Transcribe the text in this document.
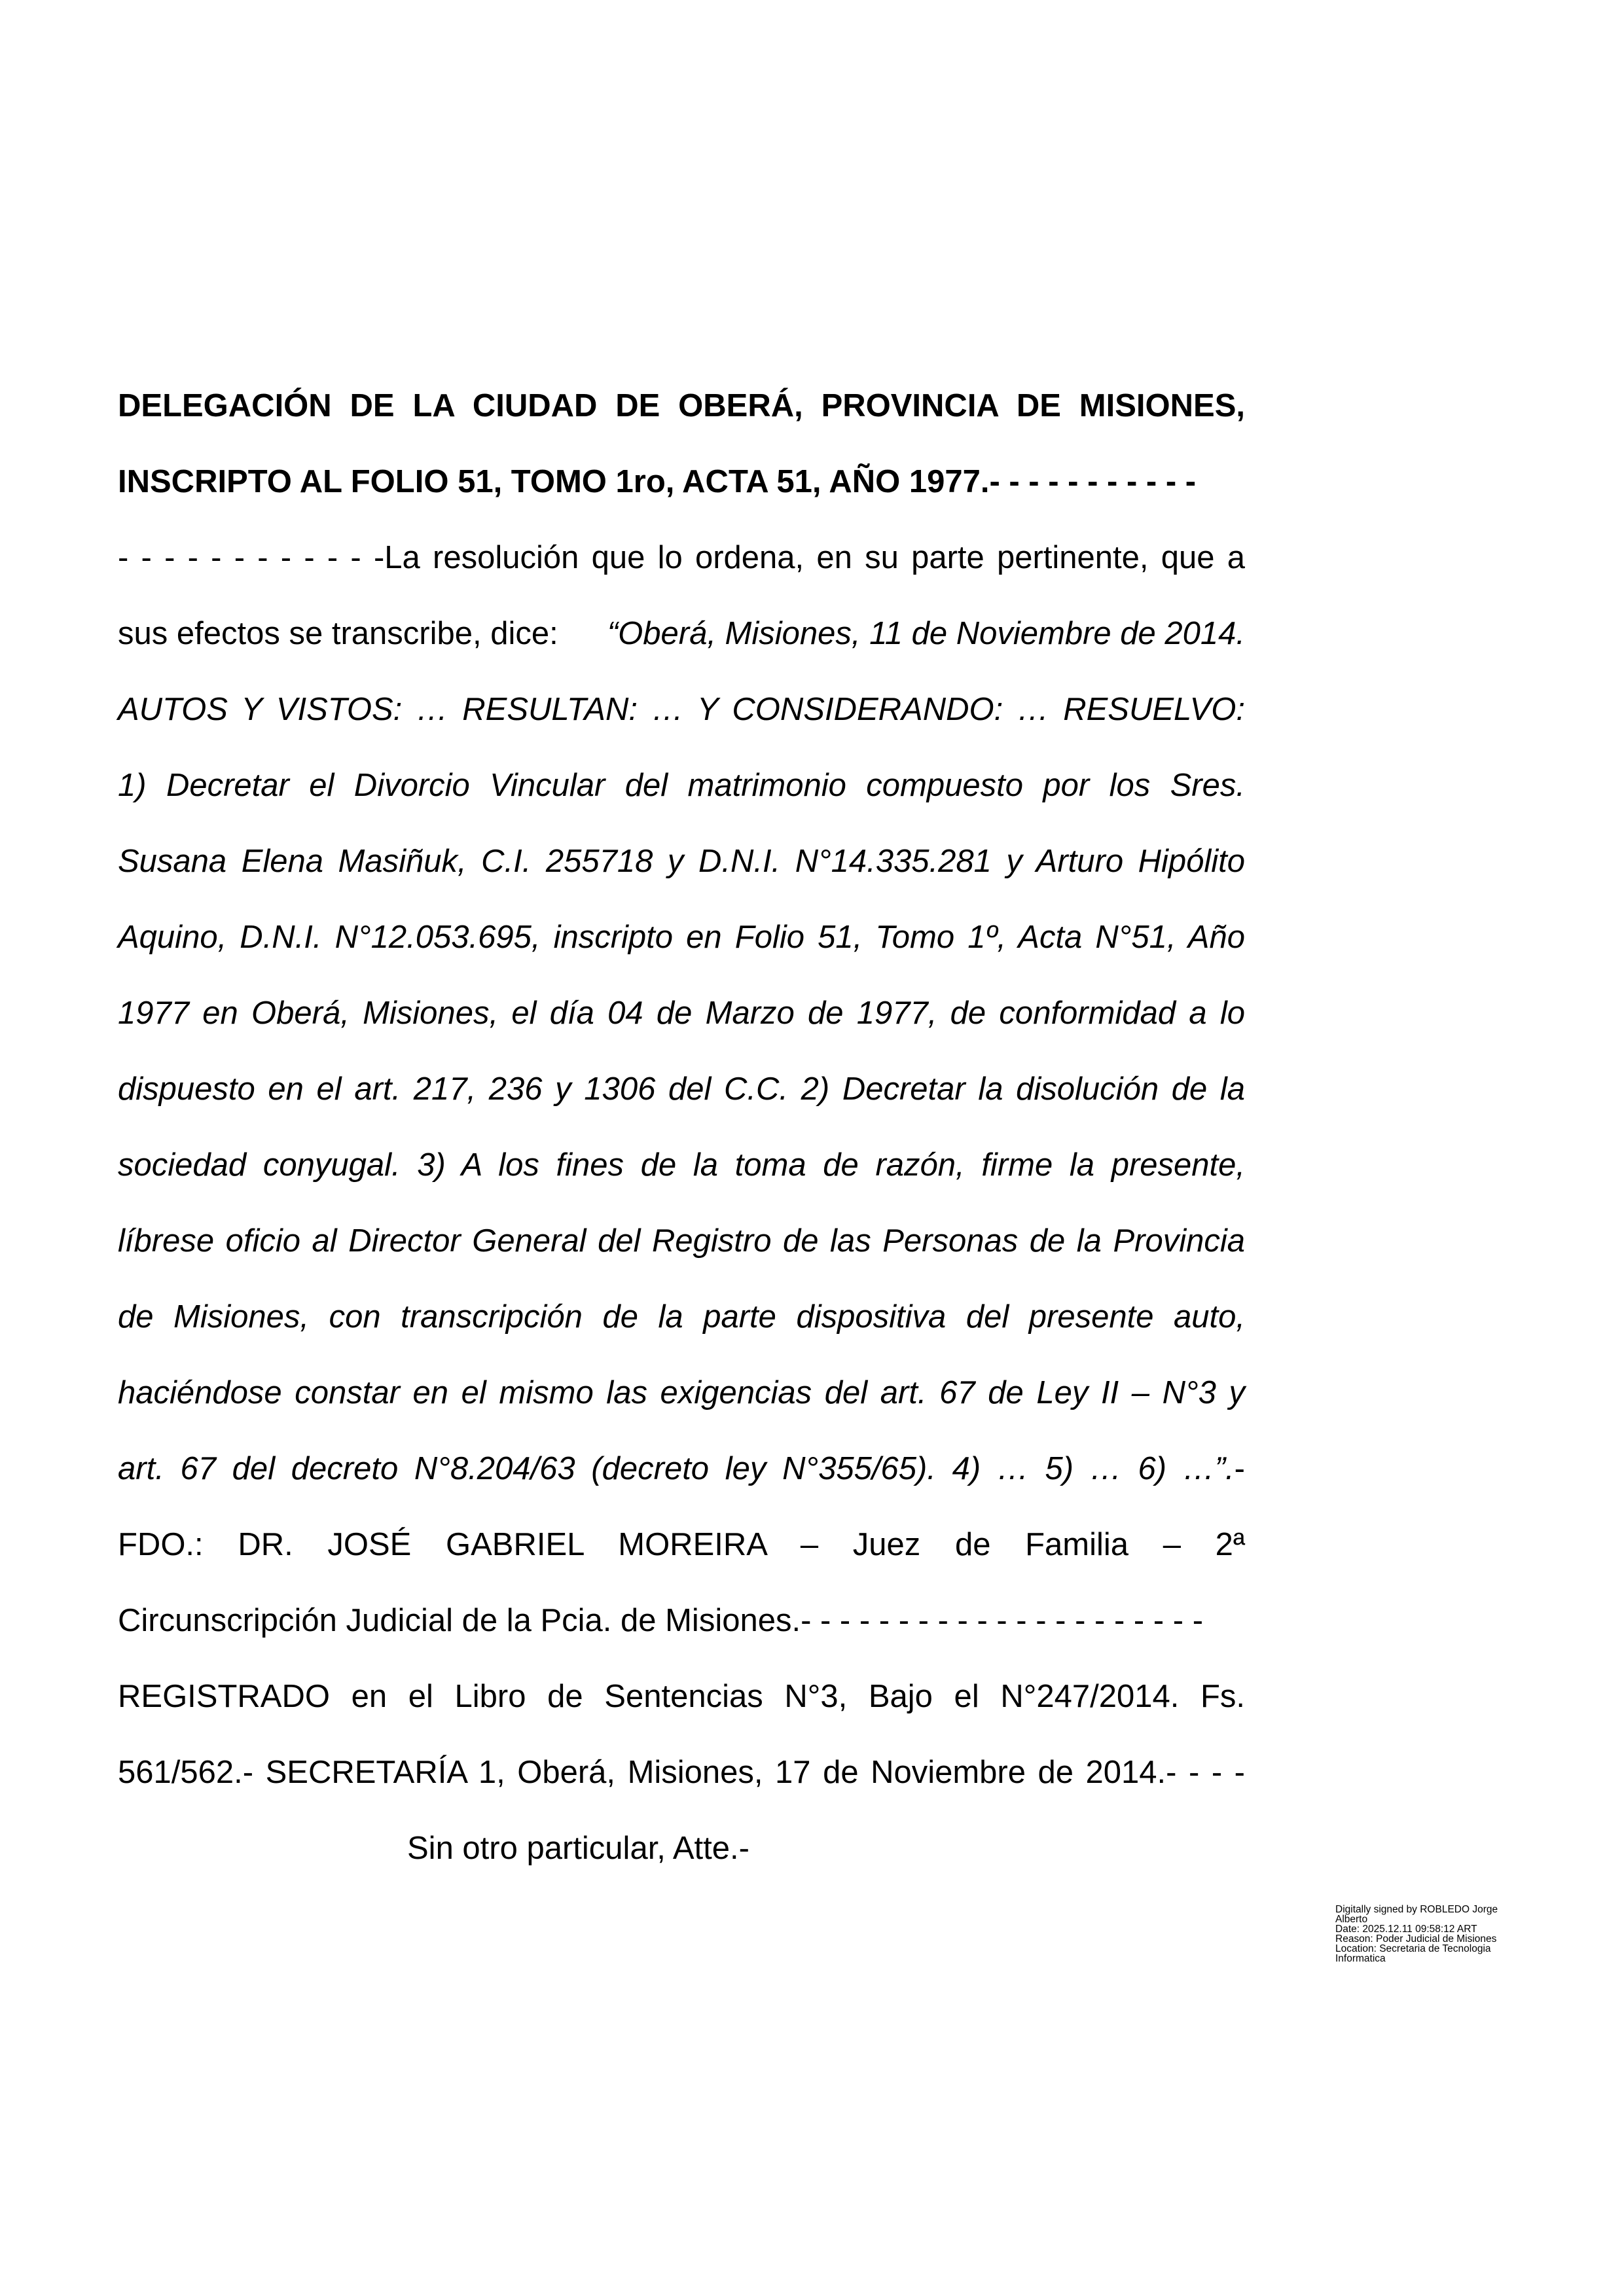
DELEGACIÓN DE LA CIUDAD DE OBERÁ, PROVINCIA DE MISIONES,
INSCRIPTO AL FOLIO 51, TOMO 1ro, ACTA 51, AÑO 1977.- - - - - - - - - - -
- - - - - - - - - - - -La resolución que lo ordena, en su parte pertinente, que a
sus efectos se transcribe, dice: “Oberá, Misiones, 11 de Noviembre de 2014.
AUTOS Y VISTOS: … RESULTAN: … Y CONSIDERANDO: … RESUELVO:
1) Decretar el Divorcio Vincular del matrimonio compuesto por los Sres.
Susana Elena Masiñuk, C.I. 255718 y D.N.I. N°14.335.281 y Arturo Hipólito
Aquino, D.N.I. N°12.053.695, inscripto en Folio 51, Tomo 1º, Acta N°51, Año
1977 en Oberá, Misiones, el día 04 de Marzo de 1977, de conformidad a lo
dispuesto en el art. 217, 236 y 1306 del C.C. 2) Decretar la disolución de la
sociedad conyugal. 3) A los fines de la toma de razón, firme la presente,
líbrese oficio al Director General del Registro de las Personas de la Provincia
de Misiones, con transcripción de la parte dispositiva del presente auto,
haciéndose constar en el mismo las exigencias del art. 67 de Ley II – N°3 y
art. 67 del decreto N°8.204/63 (decreto ley N°355/65). 4) … 5) … 6) …”. -
FDO.: DR. JOSÉ GABRIEL MOREIRA – Juez de Familia – 2ª
Circunscripción Judicial de la Pcia. de Misiones.- - - - - - - - - - - - - - - - - - - - -
REGISTRADO en el Libro de Sentencias N°3, Bajo el N°247/2014. Fs.
561/562.- SECRETARÍA 1, Oberá, Misiones, 17 de Noviembre de 2014.- - - -
Sin otro particular, Atte.-
Digitally signed by ROBLEDO Jorge
Alberto
Date: 2025.12.11 09:58:12 ART
Reason: Poder Judicial de Misiones
Location: Secretaria de Tecnologia
Informatica
